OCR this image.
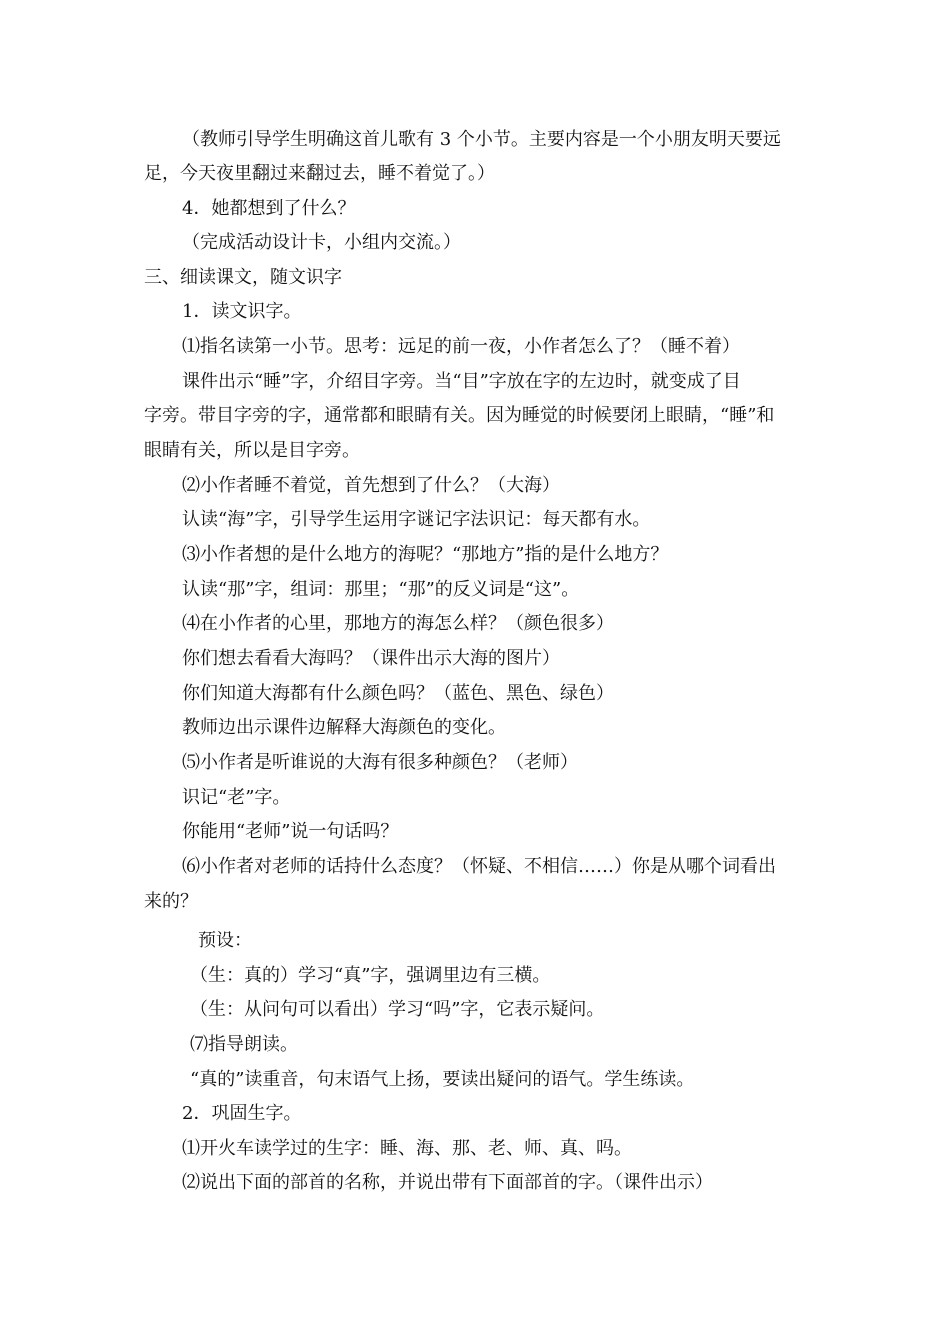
（教师引导学生明确这首儿歌有 3 个小节。主要内容是一个小朋友明天要远
足，今天夜里翻过来翻过去，睡不着觉了。）
4．她都想到了什么？
（完成活动设计卡，小组内交流。）
三、细读课文，随文识字
1．读文识字。
⑴指名读第一小节。思考：远足的前一夜，小作者怎么了？（睡不着）
课件出示“睡”字，介绍目字旁。当“目”字放在字的左边时，就变成了目
字旁。带目字旁的字，通常都和眼睛有关。因为睡觉的时候要闭上眼睛，“睡”和
眼睛有关，所以是目字旁。
⑵小作者睡不着觉，首先想到了什么？（大海）
认读“海”字，引导学生运用字谜记字法识记：每天都有水。
⑶小作者想的是什么地方的海呢？“那地方”指的是什么地方？
认读“那”字，组词：那里；“那”的反义词是“这”。
⑷在小作者的心里，那地方的海怎么样？（颜色很多）
你们想去看看大海吗？（课件出示大海的图片）
你们知道大海都有什么颜色吗？（蓝色、黑色、绿色）
教师边出示课件边解释大海颜色的变化。
⑸小作者是听谁说的大海有很多种颜色？（老师）
识记“老”字。
你能用“老师”说一句话吗？
⑹小作者对老师的话持什么态度？（怀疑、不相信……）你是从哪个词看出
来的？
预设：
（生：真的）学习“真”字，强调里边有三横。
（生：从问句可以看出）学习“吗”字，它表示疑问。
⑺指导朗读。
“真的”读重音，句末语气上扬，要读出疑问的语气。学生练读。
2．巩固生字。
⑴开火车读学过的生字：睡、海、那、老、师、真、吗。
⑵说出下面的部首的名称，并说出带有下面部首的字。（课件出示）
